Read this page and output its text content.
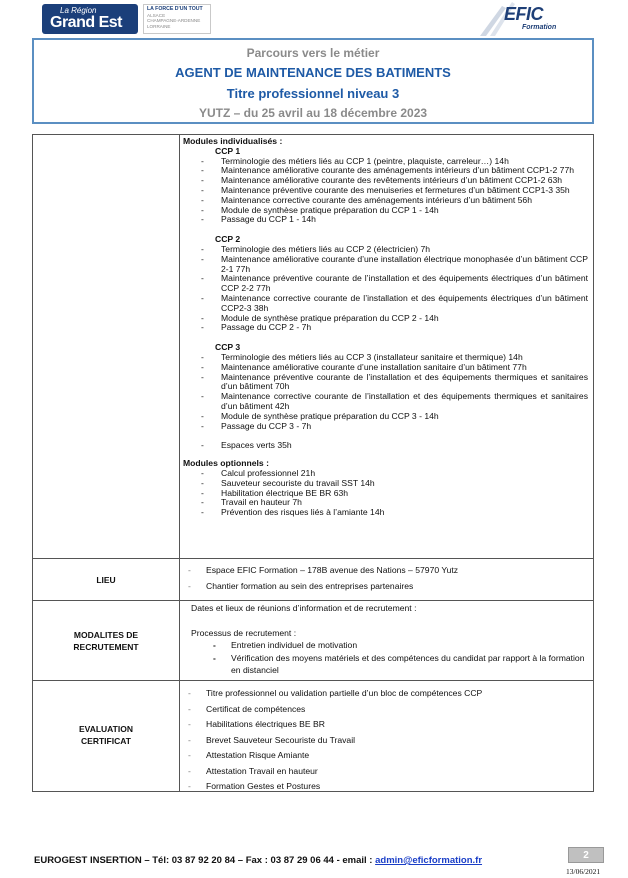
La Région
Grand Est
LA FORCE D'UN TOUT
ALSACE
CHAMPAGNE-ARDENNE
LORRAINE
EFIC
Formation
Parcours vers le métier
AGENT DE MAINTENANCE DES BATIMENTS
Titre professionnel niveau 3
YUTZ – du 25 avril au 18 décembre 2023
Modules individualisés :
CCP 1
- Terminologie des métiers liés au CCP 1 (peintre, plaquiste, carreleur…) 14h
- Maintenance améliorative courante des aménagements intérieurs d’un bâtiment CCP1-2 77h
- Maintenance améliorative courante des revêtements intérieurs d’un bâtiment CCP1-2 63h
- Maintenance préventive courante des menuiseries et fermetures d’un bâtiment CCP1-3 35h
- Maintenance corrective courante des aménagements intérieurs d’un bâtiment 56h
- Module de synthèse pratique préparation du CCP 1 - 14h
- Passage du CCP 1 - 14h
CCP 2
- Terminologie des métiers liés au CCP 2 (électricien) 7h
- Maintenance améliorative courante d’une installation électrique monophasée d’un bâtiment CCP 2-1 77h
- Maintenance préventive courante de l’installation et des équipements électriques d’un bâtiment CCP 2-2 77h
- Maintenance corrective courante de l’installation et des équipements électriques d’un bâtiment CCP2-3 38h
- Module de synthèse pratique préparation du CCP 2 - 14h
- Passage du CCP 2 - 7h
CCP 3
- Terminologie des métiers liés au CCP 3 (installateur sanitaire et thermique) 14h
- Maintenance améliorative courante d’une installation sanitaire d’un bâtiment 77h
- Maintenance préventive courante de l’installation et des équipements thermiques et sanitaires d’un bâtiment 70h
- Maintenance corrective courante de l’installation et des équipements thermiques et sanitaires d’un bâtiment 42h
- Module de synthèse pratique préparation du CCP 3 - 14h
- Passage du CCP 3 - 7h
- Espaces verts 35h
Modules optionnels :
- Calcul professionnel 21h
- Sauveteur secouriste du travail SST 14h
- Habilitation électrique BE BR 63h
- Travail en hauteur 7h
- Prévention des risques liés à l’amiante 14h
LIEU
- Espace EFIC Formation – 178B avenue des Nations – 57970 Yutz
- Chantier formation au sein des entreprises partenaires
MODALITES DE
RECRUTEMENT
Dates et lieux de réunions d’information et de recrutement :
Processus de recrutement :
- Entretien individuel de motivation
- Vérification des moyens matériels et des compétences du candidat par rapport à la formation en distanciel
EVALUATION
CERTIFICAT
- Titre professionnel ou validation partielle d’un bloc de compétences CCP
- Certificat de compétences
- Habilitations électriques BE BR
- Brevet Sauveteur Secouriste du Travail
- Attestation Risque Amiante
- Attestation Travail en hauteur
- Formation Gestes et Postures
EUROGEST INSERTION – Tél: 03 87 92 20 84 – Fax : 03 87 29 06 44 - email : admin@eficformation.fr	2
13/06/2021
